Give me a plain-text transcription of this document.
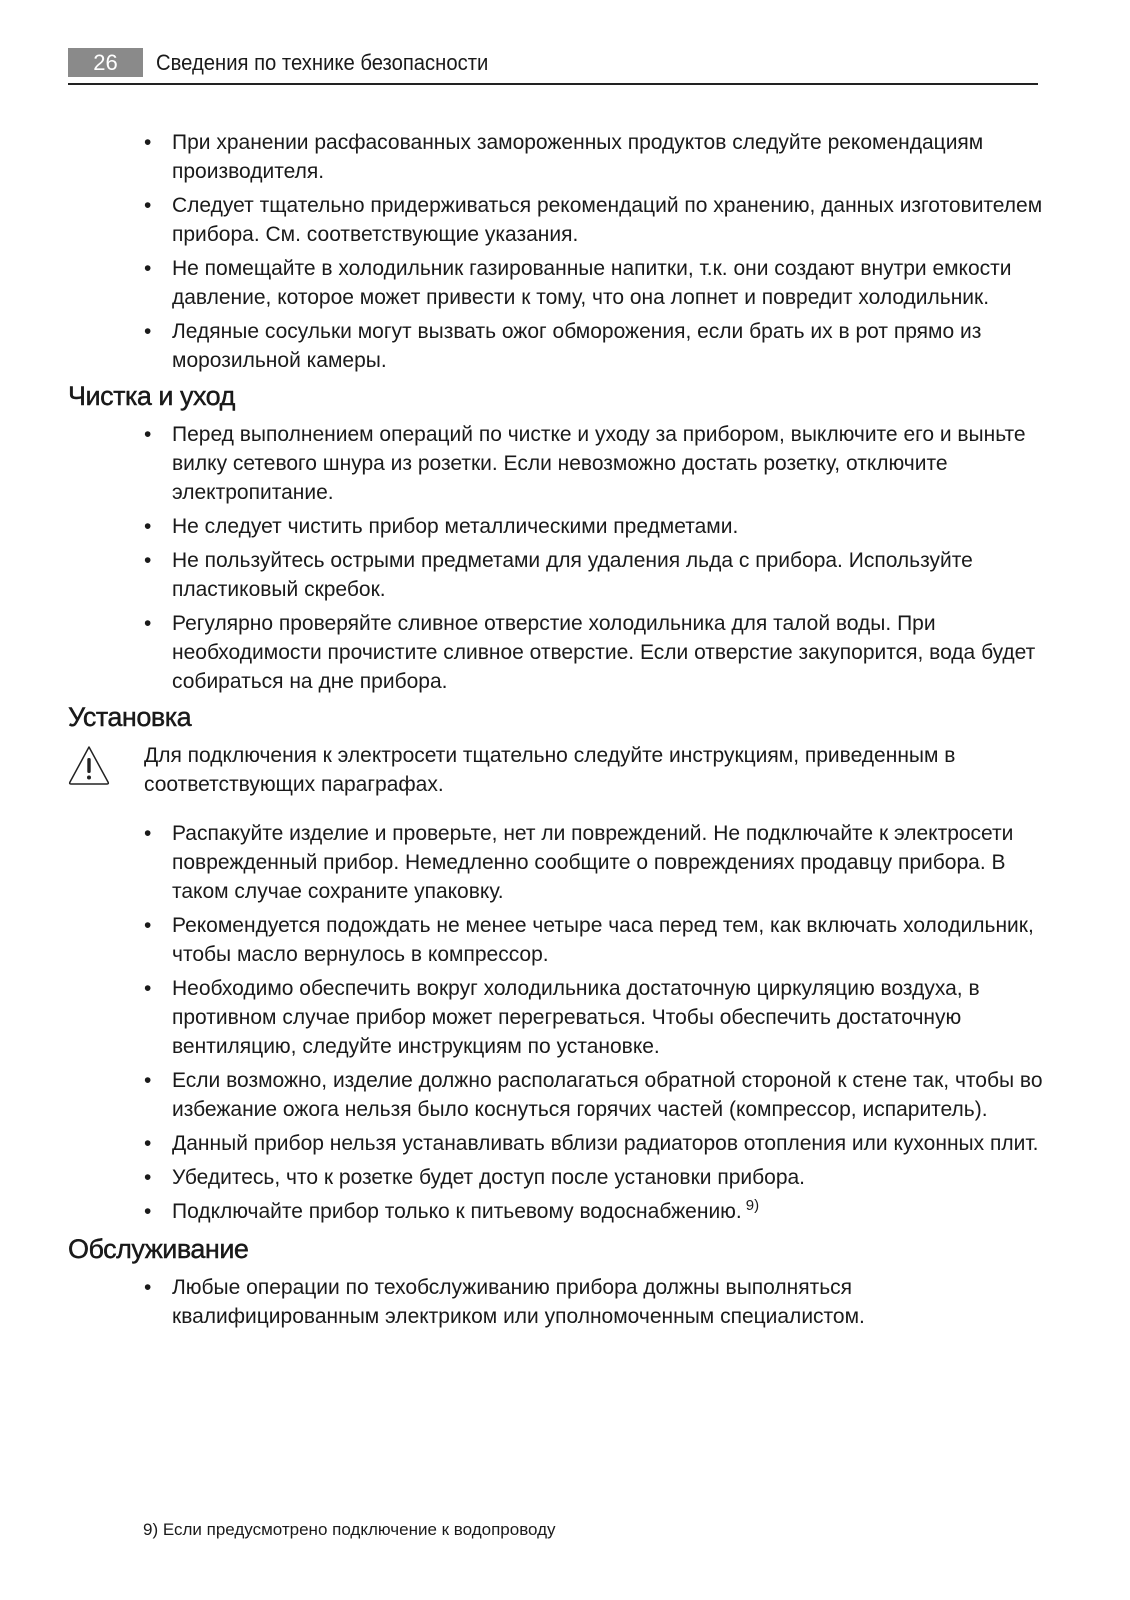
26	Сведения по технике безопасности
• При хранении расфасованных замороженных продуктов следуйте рекомендациям производителя.
• Следует тщательно придерживаться рекомендаций по хранению, данных изготовителем прибора. См. соответствующие указания.
• Не помещайте в холодильник газированные напитки, т.к. они создают внутри емкости давление, которое может привести к тому, что она лопнет и повредит холодильник.
• Ледяные сосульки могут вызвать ожог обморожения, если брать их в рот прямо из морозильной камеры.
Чистка и уход
• Перед выполнением операций по чистке и уходу за прибором, выключите его и выньте вилку сетевого шнура из розетки. Если невозможно достать розетку, отключите электропитание.
• Не следует чистить прибор металлическими предметами.
• Не пользуйтесь острыми предметами для удаления льда с прибора. Используйте пластиковый скребок.
• Регулярно проверяйте сливное отверстие холодильника для талой воды. При необходимости прочистите сливное отверстие. Если отверстие закупорится, вода будет собираться на дне прибора.
Установка
Для подключения к электросети тщательно следуйте инструкциям, приведенным в соответствующих параграфах.
• Распакуйте изделие и проверьте, нет ли повреждений. Не подключайте к электросети поврежденный прибор. Немедленно сообщите о повреждениях продавцу прибора. В таком случае сохраните упаковку.
• Рекомендуется подождать не менее четыре часа перед тем, как включать холодильник, чтобы масло вернулось в компрессор.
• Необходимо обеспечить вокруг холодильника достаточную циркуляцию воздуха, в противном случае прибор может перегреваться. Чтобы обеспечить достаточную вентиляцию, следуйте инструкциям по установке.
• Если возможно, изделие должно располагаться обратной стороной к стене так, чтобы во избежание ожога нельзя было коснуться горячих частей (компрессор, испаритель).
• Данный прибор нельзя устанавливать вблизи радиаторов отопления или кухонных плит.
• Убедитесь, что к розетке будет доступ после установки прибора.
• Подключайте прибор только к питьевому водоснабжению. $^{9)}$
Обслуживание
• Любые операции по техобслуживанию прибора должны выполняться квалифицированным электриком или уполномоченным специалистом.
9) Если предусмотрено подключение к водопроводу
